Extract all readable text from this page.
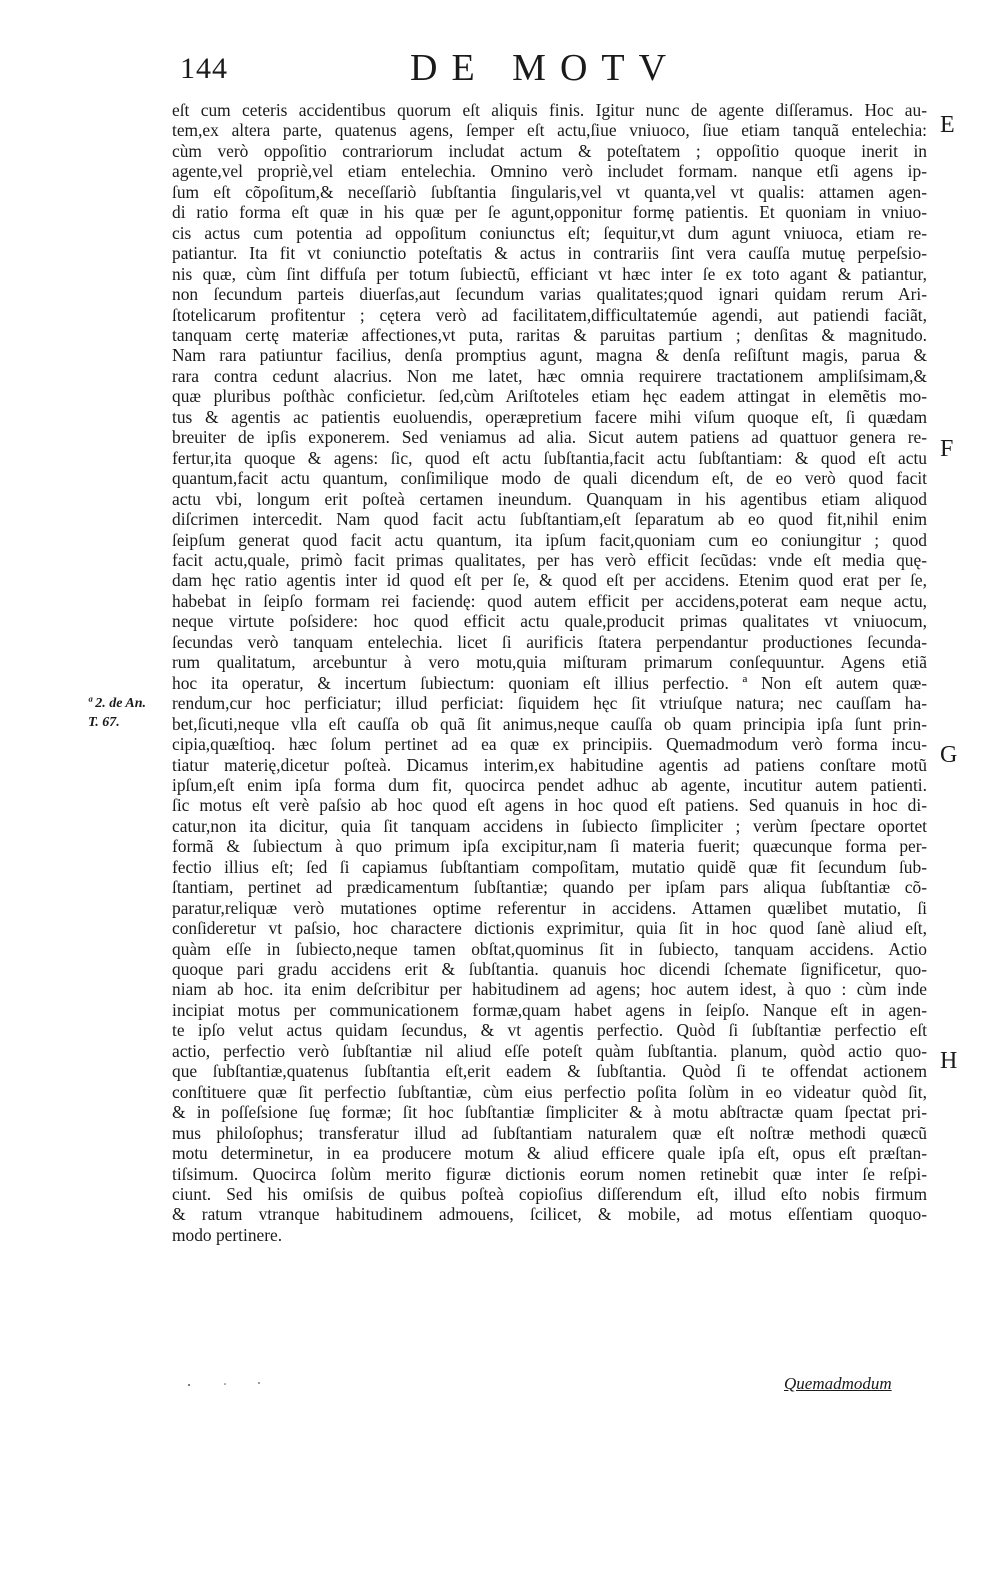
144	DE MOTV
eſt cum ceteris accidentibus quorum eſt aliquis finis. Igitur nunc de agente diſſeramus. Hoc au-
tem,ex altera parte, quatenus agens, ſemper eſt actu,ſiue vniuoco, ſiue etiam tanquã entelechia:
cùm verò oppoſitio contrariorum includat actum & poteſtatem ; oppoſitio quoque inerit in
agente,vel propriè,vel etiam entelechia. Omnino verò includet formam. nanque etſi agens ip-
ſum eſt cõpoſitum,& neceſſariò ſubſtantia ſingularis,vel vt quanta,vel vt qualis: attamen agen-
di ratio forma eſt quæ in his quæ per ſe agunt,opponitur formę patientis. Et quoniam in vniuo-
cis actus cum potentia ad oppoſitum coniunctus eſt; ſequitur,vt dum agunt vniuoca, etiam re-
patiantur. Ita fit vt coniunctio poteſtatis & actus in contrariis ſint vera cauſſa mutuę perpeſsio-
nis quæ, cùm ſint diffuſa per totum ſubiectũ, efficiant vt hæc inter ſe ex toto agant & patiantur,
non ſecundum parteis diuerſas,aut ſecundum varias qualitates;quod ignari quidam rerum Ari-
ſtotelicarum profitentur ; cętera verò ad facilitatem,difficultatemúe agendi, aut patiendi faciãt,
tanquam certę materiæ affectiones,vt puta, raritas & paruitas partium ; denſitas & magnitudo.
Nam rara patiuntur facilius, denſa promptius agunt, magna & denſa reſiſtunt magis, parua &
rara contra cedunt alacrius. Non me latet, hæc omnia requirere tractationem ampliſsimam,&
quæ pluribus poſthàc conficietur. ſed,cùm Ariſtoteles etiam hęc eadem attingat in elemẽtis mo-
tus & agentis ac patientis euoluendis, operæpretium facere mihi viſum quoque eſt, ſi quædam
breuiter de ipſis exponerem. Sed veniamus ad alia. Sicut autem patiens ad quattuor genera re-
fertur,ita quoque & agens: ſic, quod eſt actu ſubſtantia,facit actu ſubſtantiam: & quod eſt actu
quantum,facit actu quantum, conſimilique modo de quali dicendum eſt, de eo verò quod facit
actu vbi, longum erit poſteà certamen ineundum. Quanquam in his agentibus etiam aliquod
diſcrimen intercedit. Nam quod facit actu ſubſtantiam,eſt ſeparatum ab eo quod fit,nihil enim
ſeipſum generat quod facit actu quantum, ita ipſum facit,quoniam cum eo coniungitur ; quod
facit actu,quale, primò facit primas qualitates, per has verò efficit ſecũdas: vnde eſt media quę-
dam hęc ratio agentis inter id quod eſt per ſe, & quod eſt per accidens. Etenim quod erat per ſe,
habebat in ſeipſo formam rei faciendę: quod autem efficit per accidens,poterat eam neque actu,
neque virtute poſsidere: hoc quod efficit actu quale,producit primas qualitates vt vniuocum,
ſecundas verò tanquam entelechia. licet ſi aurificis ſtatera perpendantur productiones ſecunda-
rum qualitatum, arcebuntur à vero motu,quia miſturam primarum conſequuntur. Agens etiã
hoc ita operatur, & incertum ſubiectum: quoniam eſt illius perfectio. ª Non eſt autem quæ-
rendum,cur hoc perficiatur; illud perficiat: ſiquidem hęc ſit vtriuſque natura; nec cauſſam ha-
bet,ſicuti,neque vlla eſt cauſſa ob quã ſit animus,neque cauſſa ob quam principia ipſa ſunt prin-
cipia,quæſtioq. hæc ſolum pertinet ad ea quæ ex principiis. Quemadmodum verò forma incu-
tiatur materię,dicetur poſteà. Dicamus interim,ex habitudine agentis ad patiens conſtare motũ
ipſum,eſt enim ipſa forma dum fit, quocirca pendet adhuc ab agente, incutitur autem patienti.
ſic motus eſt verè paſsio ab hoc quod eſt agens in hoc quod eſt patiens. Sed quanuis in hoc di-
catur,non ita dicitur, quia ſit tanquam accidens in ſubiecto ſimpliciter ; verùm ſpectare oportet
formã & ſubiectum à quo primum ipſa excipitur,nam ſi materia fuerit; quæcunque forma per-
fectio illius eſt; ſed ſi capiamus ſubſtantiam compoſitam, mutatio quidẽ quæ fit ſecundum ſub-
ſtantiam, pertinet ad prædicamentum ſubſtantiæ; quando per ipſam pars aliqua ſubſtantiæ cõ-
paratur,reliquæ verò mutationes optime referentur in accidens. Attamen quælibet mutatio, ſi
conſideretur vt paſsio, hoc charactere dictionis exprimitur, quia ſit in hoc quod ſanè aliud eſt,
quàm eſſe in ſubiecto,neque tamen obſtat,quominus ſit in ſubiecto, tanquam accidens. Actio
quoque pari gradu accidens erit & ſubſtantia. quanuis hoc dicendi ſchemate ſignificetur, quo-
niam ab hoc. ita enim deſcribitur per habitudinem ad agens; hoc autem idest, à quo : cùm inde
incipiat motus per communicationem formæ,quam habet agens in ſeipſo. Nanque eſt in agen-
te ipſo velut actus quidam ſecundus, & vt agentis perfectio. Quòd ſi ſubſtantiæ perfectio eſt
actio, perfectio verò ſubſtantiæ nil aliud eſſe poteſt quàm ſubſtantia. planum, quòd actio quo-
que ſubſtantiæ,quatenus ſubſtantia eſt,erit eadem & ſubſtantia. Quòd ſi te offendat actionem
conſtituere quæ ſit perfectio ſubſtantiæ, cùm eius perfectio poſita ſolùm in eo videatur quòd ſit,
& in poſſeſsione ſuę formæ; ſit hoc ſubſtantiæ ſimpliciter & à motu abſtractæ quam ſpectat pri-
mus philoſophus; transferatur illud ad ſubſtantiam naturalem quæ eſt noſtræ methodi quæcũ
motu determinetur, in ea producere motum & aliud efficere quale ipſa eſt, opus eſt præſtan-
tiſsimum. Quocirca ſolùm merito figuræ dictionis eorum nomen retinebit quæ inter ſe reſpi-
ciunt. Sed his omiſsis de quibus poſteà copioſius diſſerendum eſt, illud eſto nobis firmum
& ratum vtranque habitudinem admouens, ſcilicet, & mobile, ad motus eſſentiam quoquo-
modo pertinere.
ª 2. de An.
T. 67.
E
F
G
H
Quemadmodum
